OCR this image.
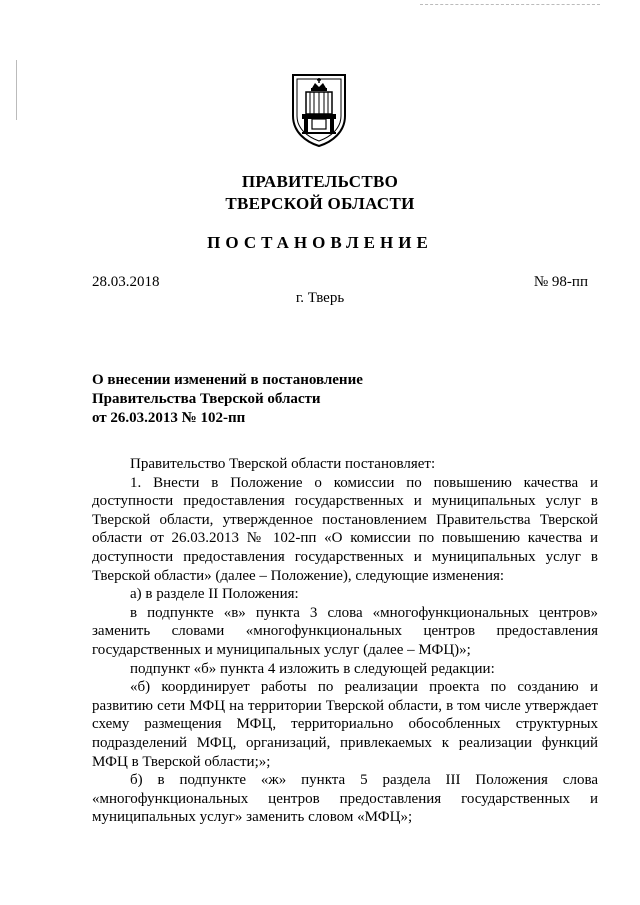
ПРАВИТЕЛЬСТВО
ТВЕРСКОЙ ОБЛАСТИ
ПОСТАНОВЛЕНИЕ
28.03.2018	№ 98-пп
г. Тверь
О внесении изменений в постановление
Правительства Тверской области
от 26.03.2013 № 102-пп

Правительство Тверской области постановляет:

1. Внести в Положение о комиссии по повышению качества и доступности предоставления государственных и муниципальных услуг в Тверской области, утвержденное постановлением Правительства Тверской области от 26.03.2013 № 102-пп «О комиссии по повышению качества и доступности предоставления государственных и муниципальных услуг в Тверской области» (далее – Положение), следующие изменения:

а) в разделе II Положения:

в подпункте «в» пункта 3 слова «многофункциональных центров» заменить словами «многофункциональных центров предоставления государственных и муниципальных услуг (далее – МФЦ)»;

подпункт «б» пункта 4 изложить в следующей редакции:

«б) координирует работы по реализации проекта по созданию и развитию сети МФЦ на территории Тверской области, в том числе утверждает схему размещения МФЦ, территориально обособленных структурных подразделений МФЦ, организаций, привлекаемых к реализации функций МФЦ в Тверской области;»;

б) в подпункте «ж» пункта 5 раздела III Положения слова «многофункциональных центров предоставления государственных и муниципальных услуг» заменить словом «МФЦ»;
